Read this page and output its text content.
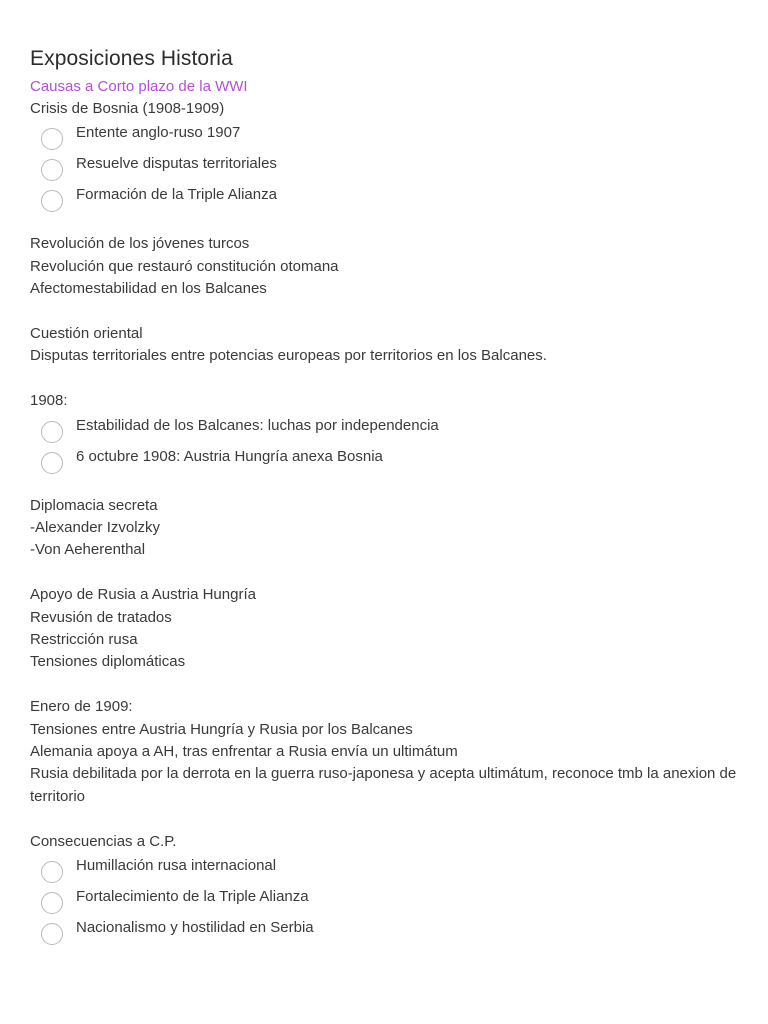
Exposiciones Historia
Causas a Corto plazo de la WWI

Crisis de Bosnia (1908-1909)

Entente anglo-ruso 1907
Resuelve disputas territoriales
Formación de la Triple Alianza

Revolución de los jóvenes turcos

Revolución que restauró constitución otomana

Afectomestabilidad en los Balcanes

Cuestión oriental

Disputas territoriales entre potencias europeas por territorios en los Balcanes.

1908:

Estabilidad de los Balcanes: luchas por independencia
6 octubre 1908: Austria Hungría anexa Bosnia

Diplomacia secreta

-Alexander Izvolzky

-Von Aeherenthal

Apoyo de Rusia a Austria Hungría

Revusión de tratados

Restricción rusa

Tensiones diplomáticas

Enero de 1909:

Tensiones entre Austria Hungría y Rusia por los Balcanes

Alemania apoya a AH, tras enfrentar a Rusia envía un ultimátum

Rusia debilitada por la derrota en la guerra ruso-japonesa y acepta ultimátum, reconoce tmb la anexion de territorio

Consecuencias a C.P.

Humillación rusa internacional
Fortalecimiento de la Triple Alianza
Nacionalismo y hostilidad en Serbia
